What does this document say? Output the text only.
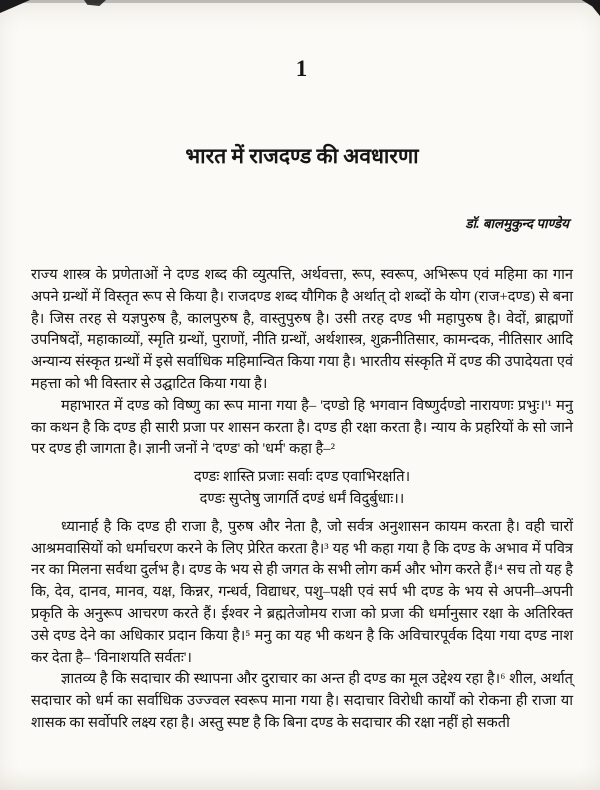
1
भारत में राजदण्ड की अवधारणा
डॉ. बालमुकुन्द पाण्डेय

राज्य शास्त्र के प्रणेताओं ने दण्ड शब्द की व्युत्पत्ति, अर्थवत्ता, रूप, स्वरूप, अभिरूप एवं महिमा का गान अपने ग्रन्थों में विस्तृत रूप से किया है। राजदण्ड शब्द यौगिक है अर्थात् दो शब्दों के योग (राज+दण्ड) से बना है। जिस तरह से यज्ञपुरुष है, कालपुरुष है, वास्तुपुरुष है। उसी तरह दण्ड भी महापुरुष है। वेदों, ब्राह्मणों उपनिषदों, महाकाव्यों, स्मृति ग्रन्थों, पुराणों, नीति ग्रन्थों, अर्थशास्त्र, शुक्रनीतिसार, कामन्दक, नीतिसार आदि अन्यान्य संस्कृत ग्रन्थों में इसे सर्वाधिक महिमान्वित किया गया है। भारतीय संस्कृति में दण्ड की उपादेयता एवं महत्ता को भी विस्तार से उद्घाटित किया गया है।

महाभारत में दण्ड को विष्णु का रूप माना गया है– 'दण्डो हि भगवान विष्णुर्दण्डो नारायणः प्रभुः।'¹ मनु का कथन है कि दण्ड ही सारी प्रजा पर शासन करता है। दण्ड ही रक्षा करता है। न्याय के प्रहरियों के सो जाने पर दण्ड ही जागता है। ज्ञानी जनों ने 'दण्ड' को 'धर्म' कहा है–²

दण्डः शास्ति प्रजाः सर्वाः दण्ड एवाभिरक्षति।
दण्डः सुप्तेषु जागर्ति दण्डं धर्मं विदुर्बुधाः।।

ध्यानार्ह है कि दण्ड ही राजा है, पुरुष और नेता है, जो सर्वत्र अनुशासन कायम करता है। वही चारों आश्रमवासियों को धर्माचरण करने के लिए प्रेरित करता है।³ यह भी कहा गया है कि दण्ड के अभाव में पवित्र नर का मिलना सर्वथा दुर्लभ है। दण्ड के भय से ही जगत के सभी लोग कर्म और भोग करते हैं।⁴ सच तो यह है कि, देव, दानव, मानव, यक्ष, किन्नर, गन्धर्व, विद्याधर, पशु–पक्षी एवं सर्प भी दण्ड के भय से अपनी–अपनी प्रकृति के अनुरूप आचरण करते हैं। ईश्वर ने ब्रह्मतेजोमय राजा को प्रजा की धर्मानुसार रक्षा के अतिरिक्त उसे दण्ड देने का अधिकार प्रदान किया है।⁵ मनु का यह भी कथन है कि अविचारपूर्वक दिया गया दण्ड नाश कर देता है– 'विनाशयति सर्वतः'।

ज्ञातव्य है कि सदाचार की स्थापना और दुराचार का अन्त ही दण्ड का मूल उद्देश्य रहा है।⁶ शील, अर्थात् सदाचार को धर्म का सर्वाधिक उज्ज्वल स्वरूप माना गया है। सदाचार विरोधी कार्यों को रोकना ही राजा या शासक का सर्वोपरि लक्ष्य रहा है। अस्तु स्पष्ट है कि बिना दण्ड के सदाचार की रक्षा नहीं हो सकती
